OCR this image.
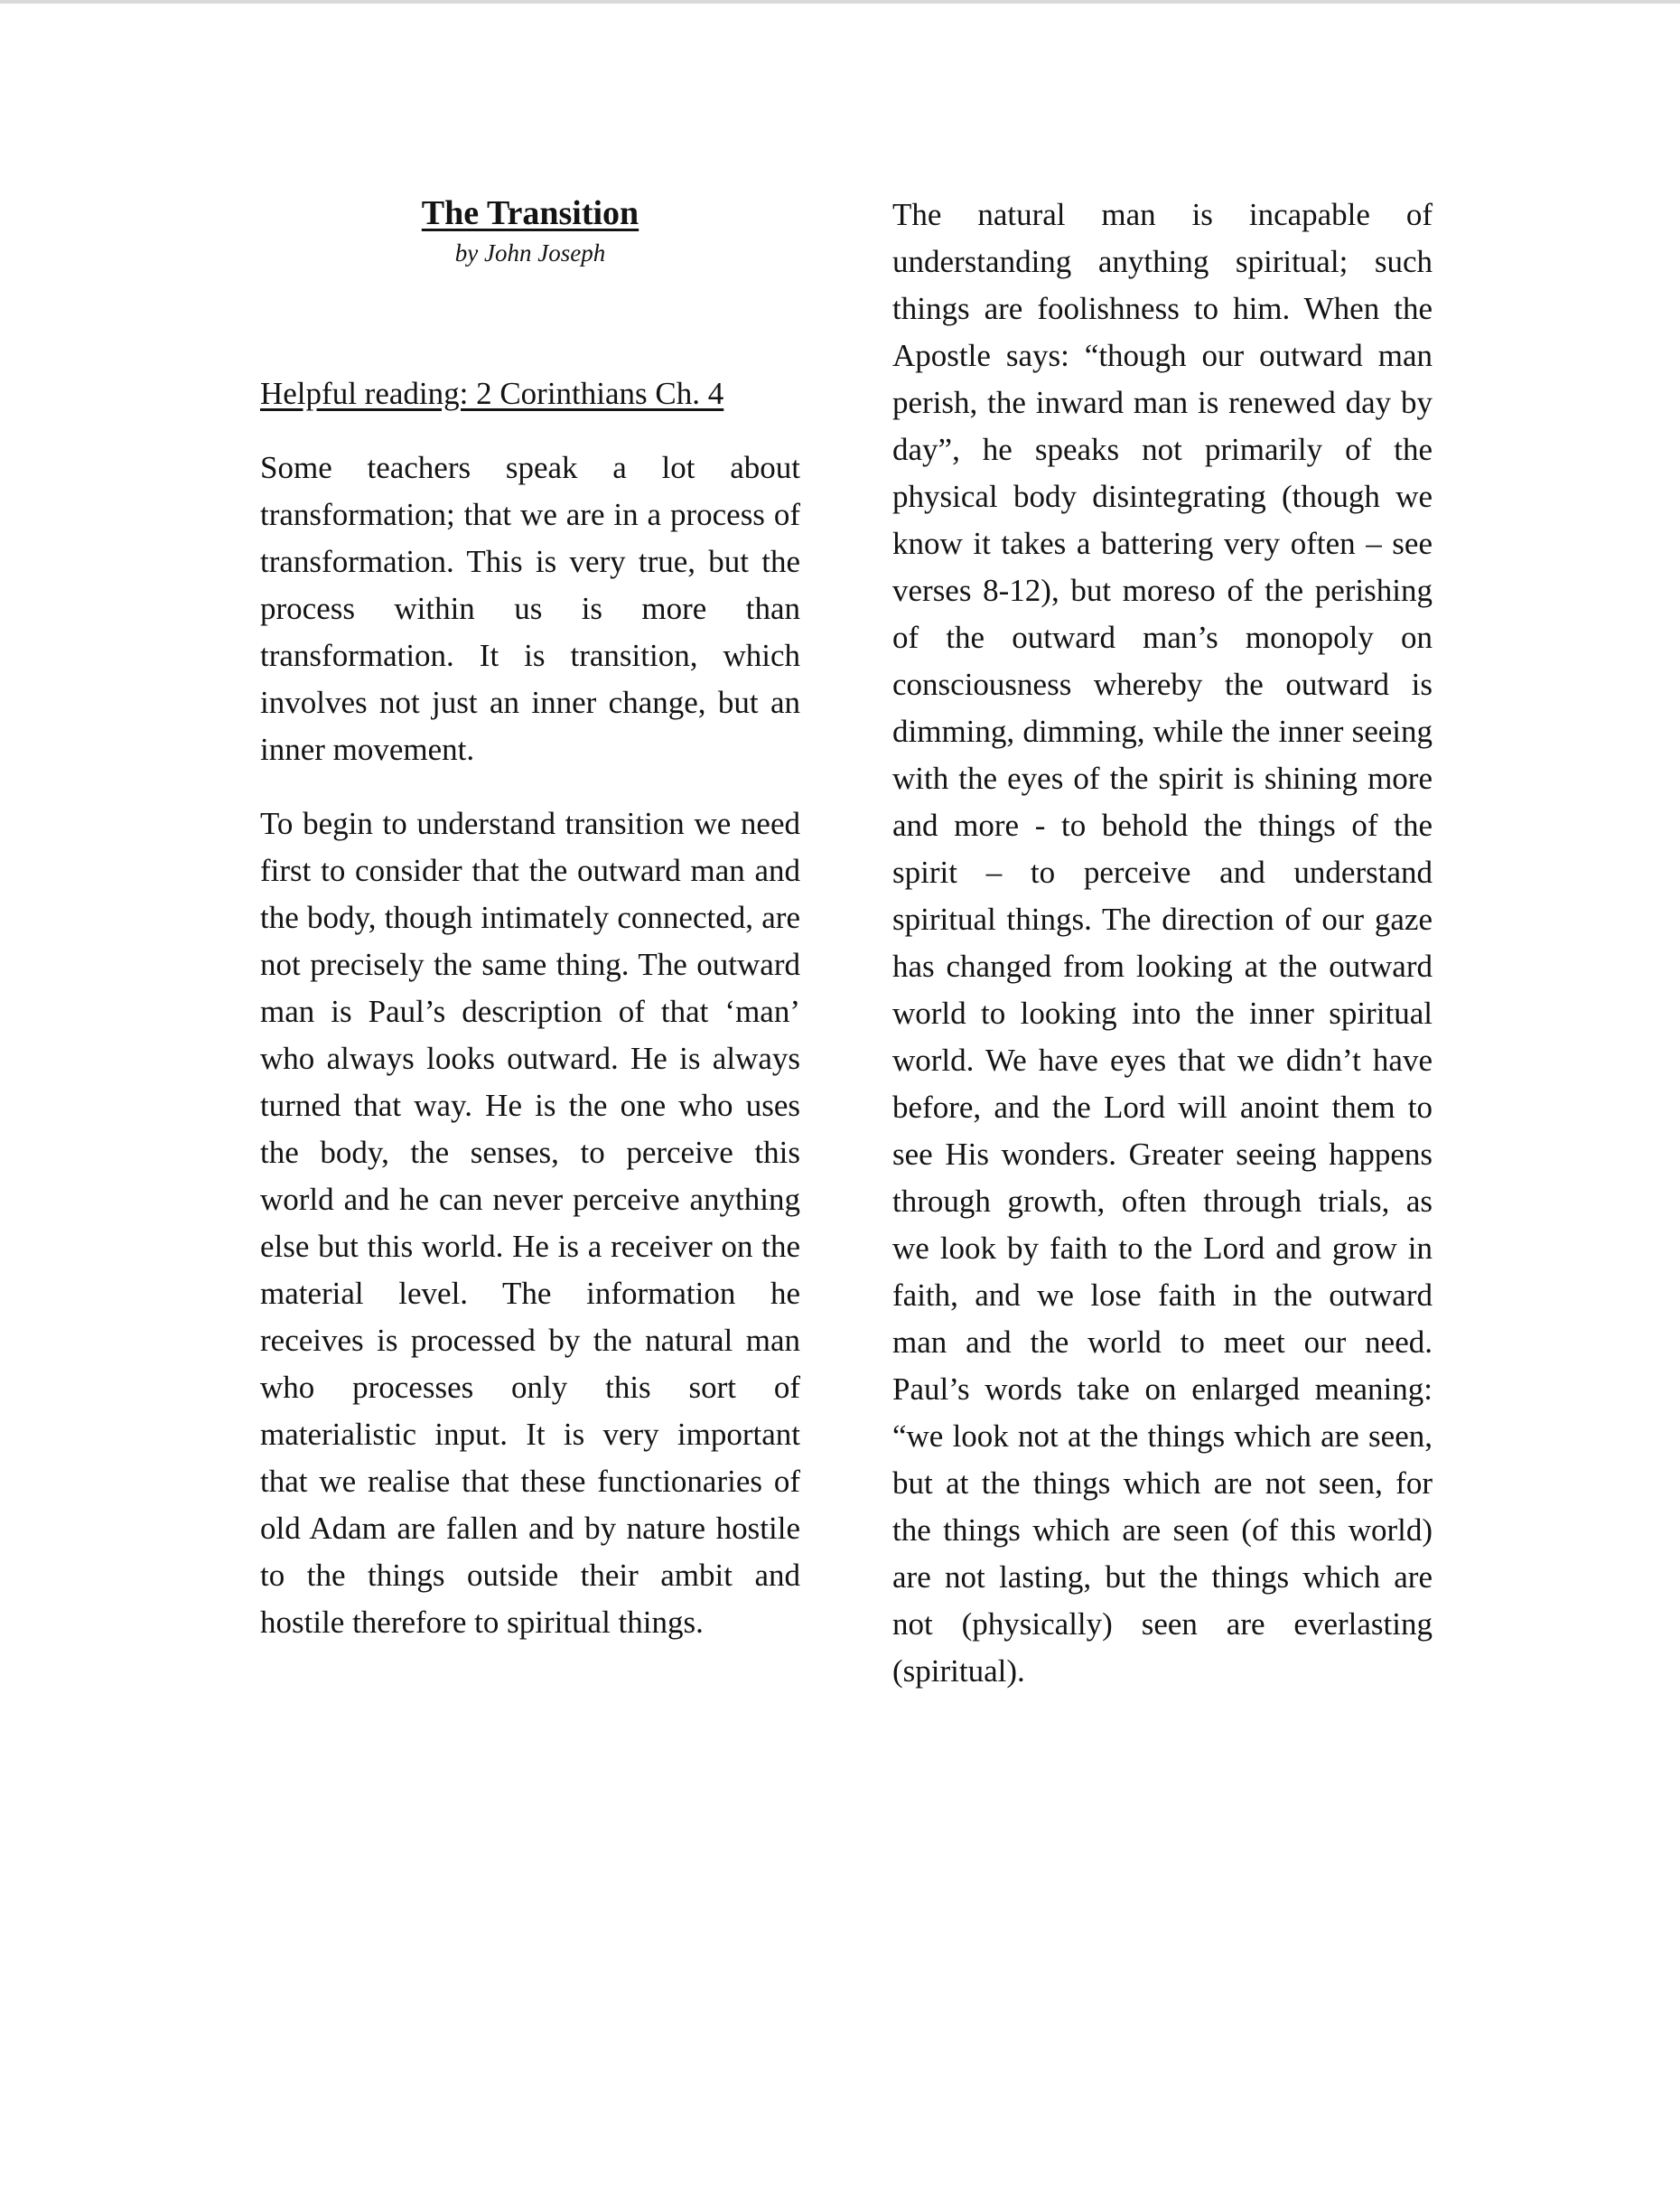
The Transition

by John Joseph

Helpful reading: 2 Corinthians Ch. 4

Some teachers speak a lot about transformation; that we are in a process of transformation. This is very true, but the process within us is more than transformation. It is transition, which involves not just an inner change, but an inner movement.

To begin to understand transition we need first to consider that the outward man and the body, though intimately connected, are not precisely the same thing. The outward man is Paul’s description of that ‘man’ who always looks outward. He is always turned that way. He is the one who uses the body, the senses, to perceive this world and he can never perceive anything else but this world. He is a receiver on the material level. The information he receives is processed by the natural man who processes only this sort of materialistic input. It is very important that we realise that these functionaries of old Adam are fallen and by nature hostile to the things outside their ambit and hostile therefore to spiritual things.

The natural man is incapable of understanding anything spiritual; such things are foolishness to him. When the Apostle says: “though our outward man perish, the inward man is renewed day by day”, he speaks not primarily of the physical body disintegrating (though we know it takes a battering very often – see verses 8-12), but moreso of the perishing of the outward man’s monopoly on consciousness whereby the outward is dimming, dimming, while the inner seeing with the eyes of the spirit is shining more and more - to behold the things of the spirit – to perceive and understand spiritual things. The direction of our gaze has changed from looking at the outward world to looking into the inner spiritual world. We have eyes that we didn’t have before, and the Lord will anoint them to see His wonders. Greater seeing happens through growth, often through trials, as we look by faith to the Lord and grow in faith, and we lose faith in the outward man and the world to meet our need. Paul’s words take on enlarged meaning: “we look not at the things which are seen, but at the things which are not seen, for the things which are seen (of this world) are not lasting, but the things which are not (physically) seen are everlasting (spiritual).
